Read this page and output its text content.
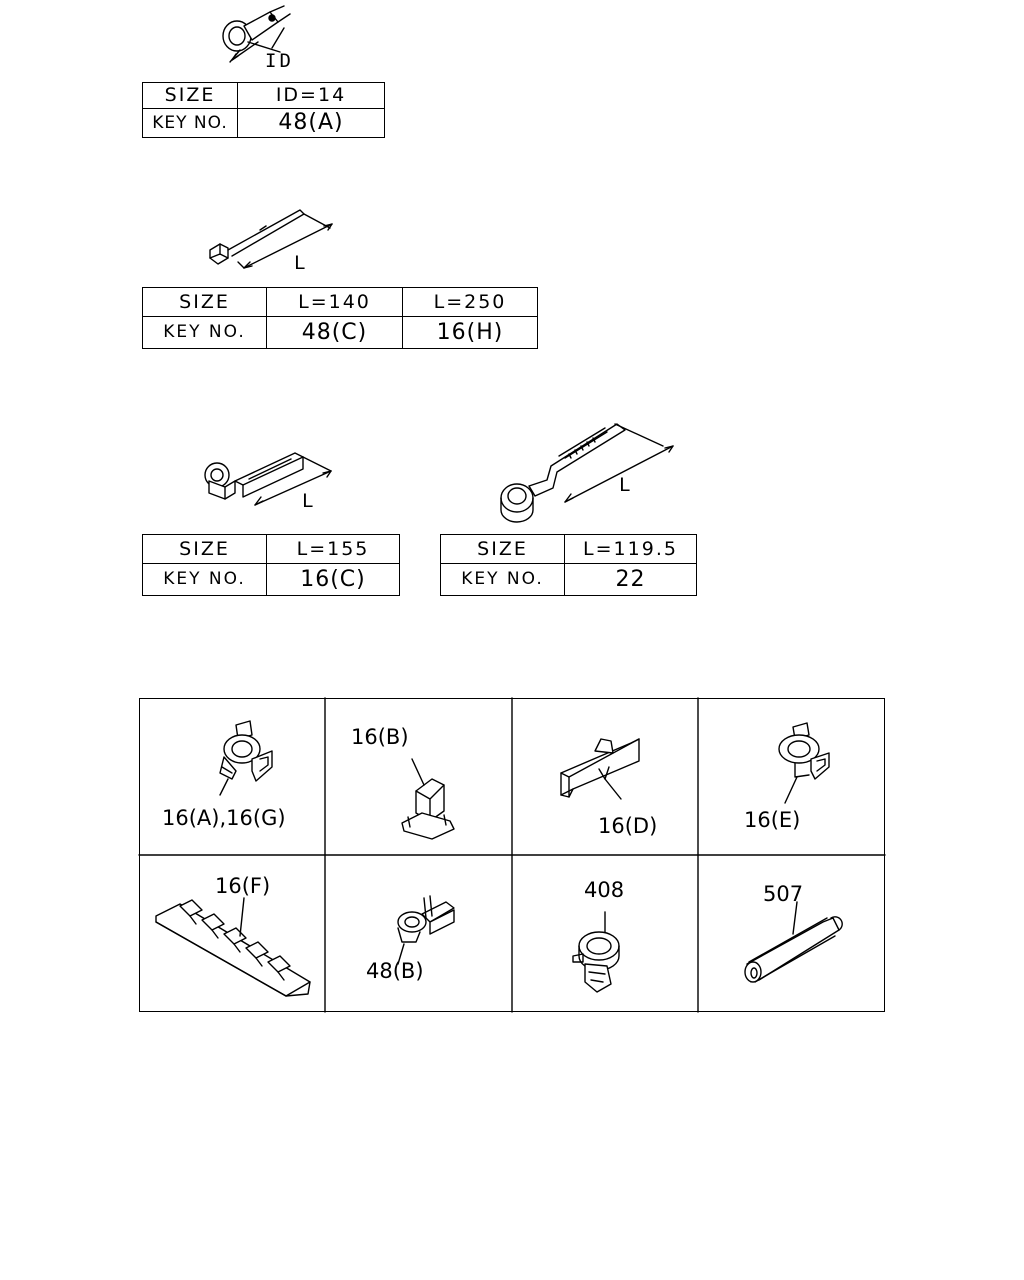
ID
SIZE	ID=14
KEY NO.	48(A)
L
SIZE	L=140	L=250
KEY NO.	48(C)	16(H)
L
SIZE	L=155
KEY NO.	16(C)
L
SIZE	L=119.5
KEY NO.	22
16(A),16(G)
16(B)
16(D)	16(E)
16(F)
48(B)
408	507
